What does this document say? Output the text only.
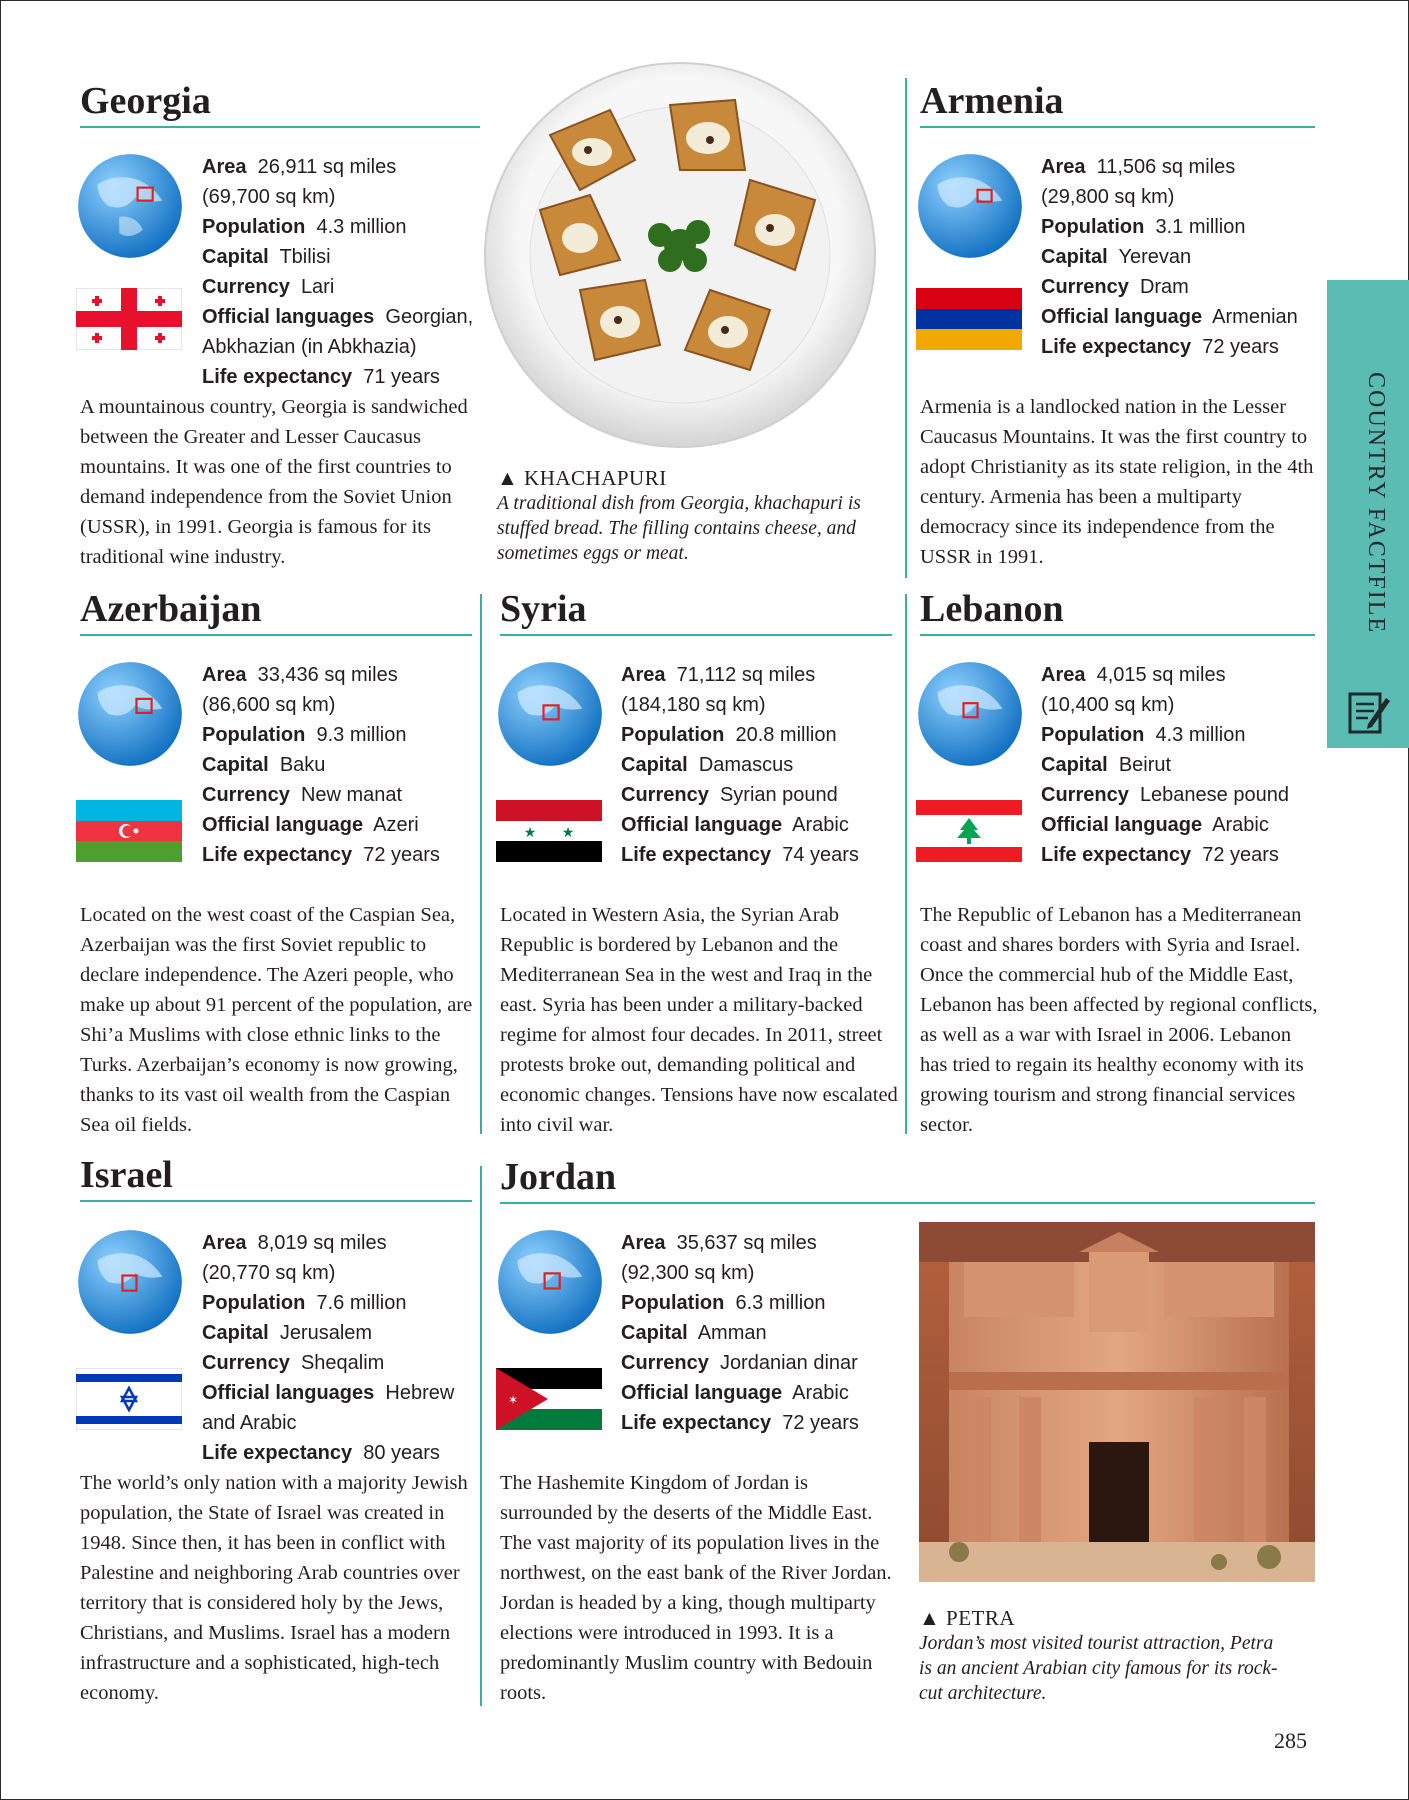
COUNTRY FACTFILE
Georgia
Area 26,911 sq miles
(69,700 sq km)
Population 4.3 million
Capital Tbilisi
Currency Lari
Official languages Georgian,
Abkhazian (in Abkhazia)
Life expectancy 71 years
A mountainous country, Georgia is sandwiched between the Greater and Lesser Caucasus mountains. It was one of the first countries to demand independence from the Soviet Union (USSR), in 1991. Georgia is famous for its traditional wine industry.
▲ KHACHAPURI
A traditional dish from Georgia, khachapuri is stuffed bread. The filling contains cheese, and sometimes eggs or meat.
Armenia
Area 11,506 sq miles
(29,800 sq km)
Population 3.1 million
Capital Yerevan
Currency Dram
Official language Armenian
Life expectancy 72 years
Armenia is a landlocked nation in the Lesser Caucasus Mountains. It was the first country to adopt Christianity as its state religion, in the 4th century. Armenia has been a multiparty democracy since its independence from the USSR in 1991.
Azerbaijan
Area 33,436 sq miles
(86,600 sq km)
Population 9.3 million
Capital Baku
Currency New manat
Official language Azeri
Life expectancy 72 years
Located on the west coast of the Caspian Sea, Azerbaijan was the first Soviet republic to declare independence. The Azeri people, who make up about 91 percent of the population, are Shi’a Muslims with close ethnic links to the Turks. Azerbaijan’s economy is now growing, thanks to its vast oil wealth from the Caspian Sea oil fields.
Syria
★ ★
Area 71,112 sq miles
(184,180 sq km)
Population 20.8 million
Capital Damascus
Currency Syrian pound
Official language Arabic
Life expectancy 74 years
Located in Western Asia, the Syrian Arab Republic is bordered by Lebanon and the Mediterranean Sea in the west and Iraq in the east. Syria has been under a military-backed regime for almost four decades. In 2011, street protests broke out, demanding political and economic changes. Tensions have now escalated into civil war.
Lebanon
Area 4,015 sq miles
(10,400 sq km)
Population 4.3 million
Capital Beirut
Currency Lebanese pound
Official language Arabic
Life expectancy 72 years
The Republic of Lebanon has a Mediterranean coast and shares borders with Syria and Israel. Once the commercial hub of the Middle East, Lebanon has been affected by regional conflicts, as well as a war with Israel in 2006. Lebanon has tried to regain its healthy economy with its growing tourism and strong financial services sector.
Israel
Area 8,019 sq miles
(20,770 sq km)
Population 7.6 million
Capital Jerusalem
Currency Sheqalim
Official languages Hebrew
and Arabic
Life expectancy 80 years
The world’s only nation with a majority Jewish population, the State of Israel was created in 1948. Since then, it has been in conflict with Palestine and neighboring Arab countries over territory that is considered holy by the Jews, Christians, and Muslims. Israel has a modern infrastructure and a sophisticated, high-tech economy.
Jordan
✶
Area 35,637 sq miles
(92,300 sq km)
Population 6.3 million
Capital Amman
Currency Jordanian dinar
Official language Arabic
Life expectancy 72 years
The Hashemite Kingdom of Jordan is surrounded by the deserts of the Middle East. The vast majority of its population lives in the northwest, on the east bank of the River Jordan. Jordan is headed by a king, though multiparty elections were introduced in 1993. It is a predominantly Muslim country with Bedouin roots.
▲ PETRA
Jordan’s most visited tourist attraction, Petra is an ancient Arabian city famous for its rock-cut architecture.
285
